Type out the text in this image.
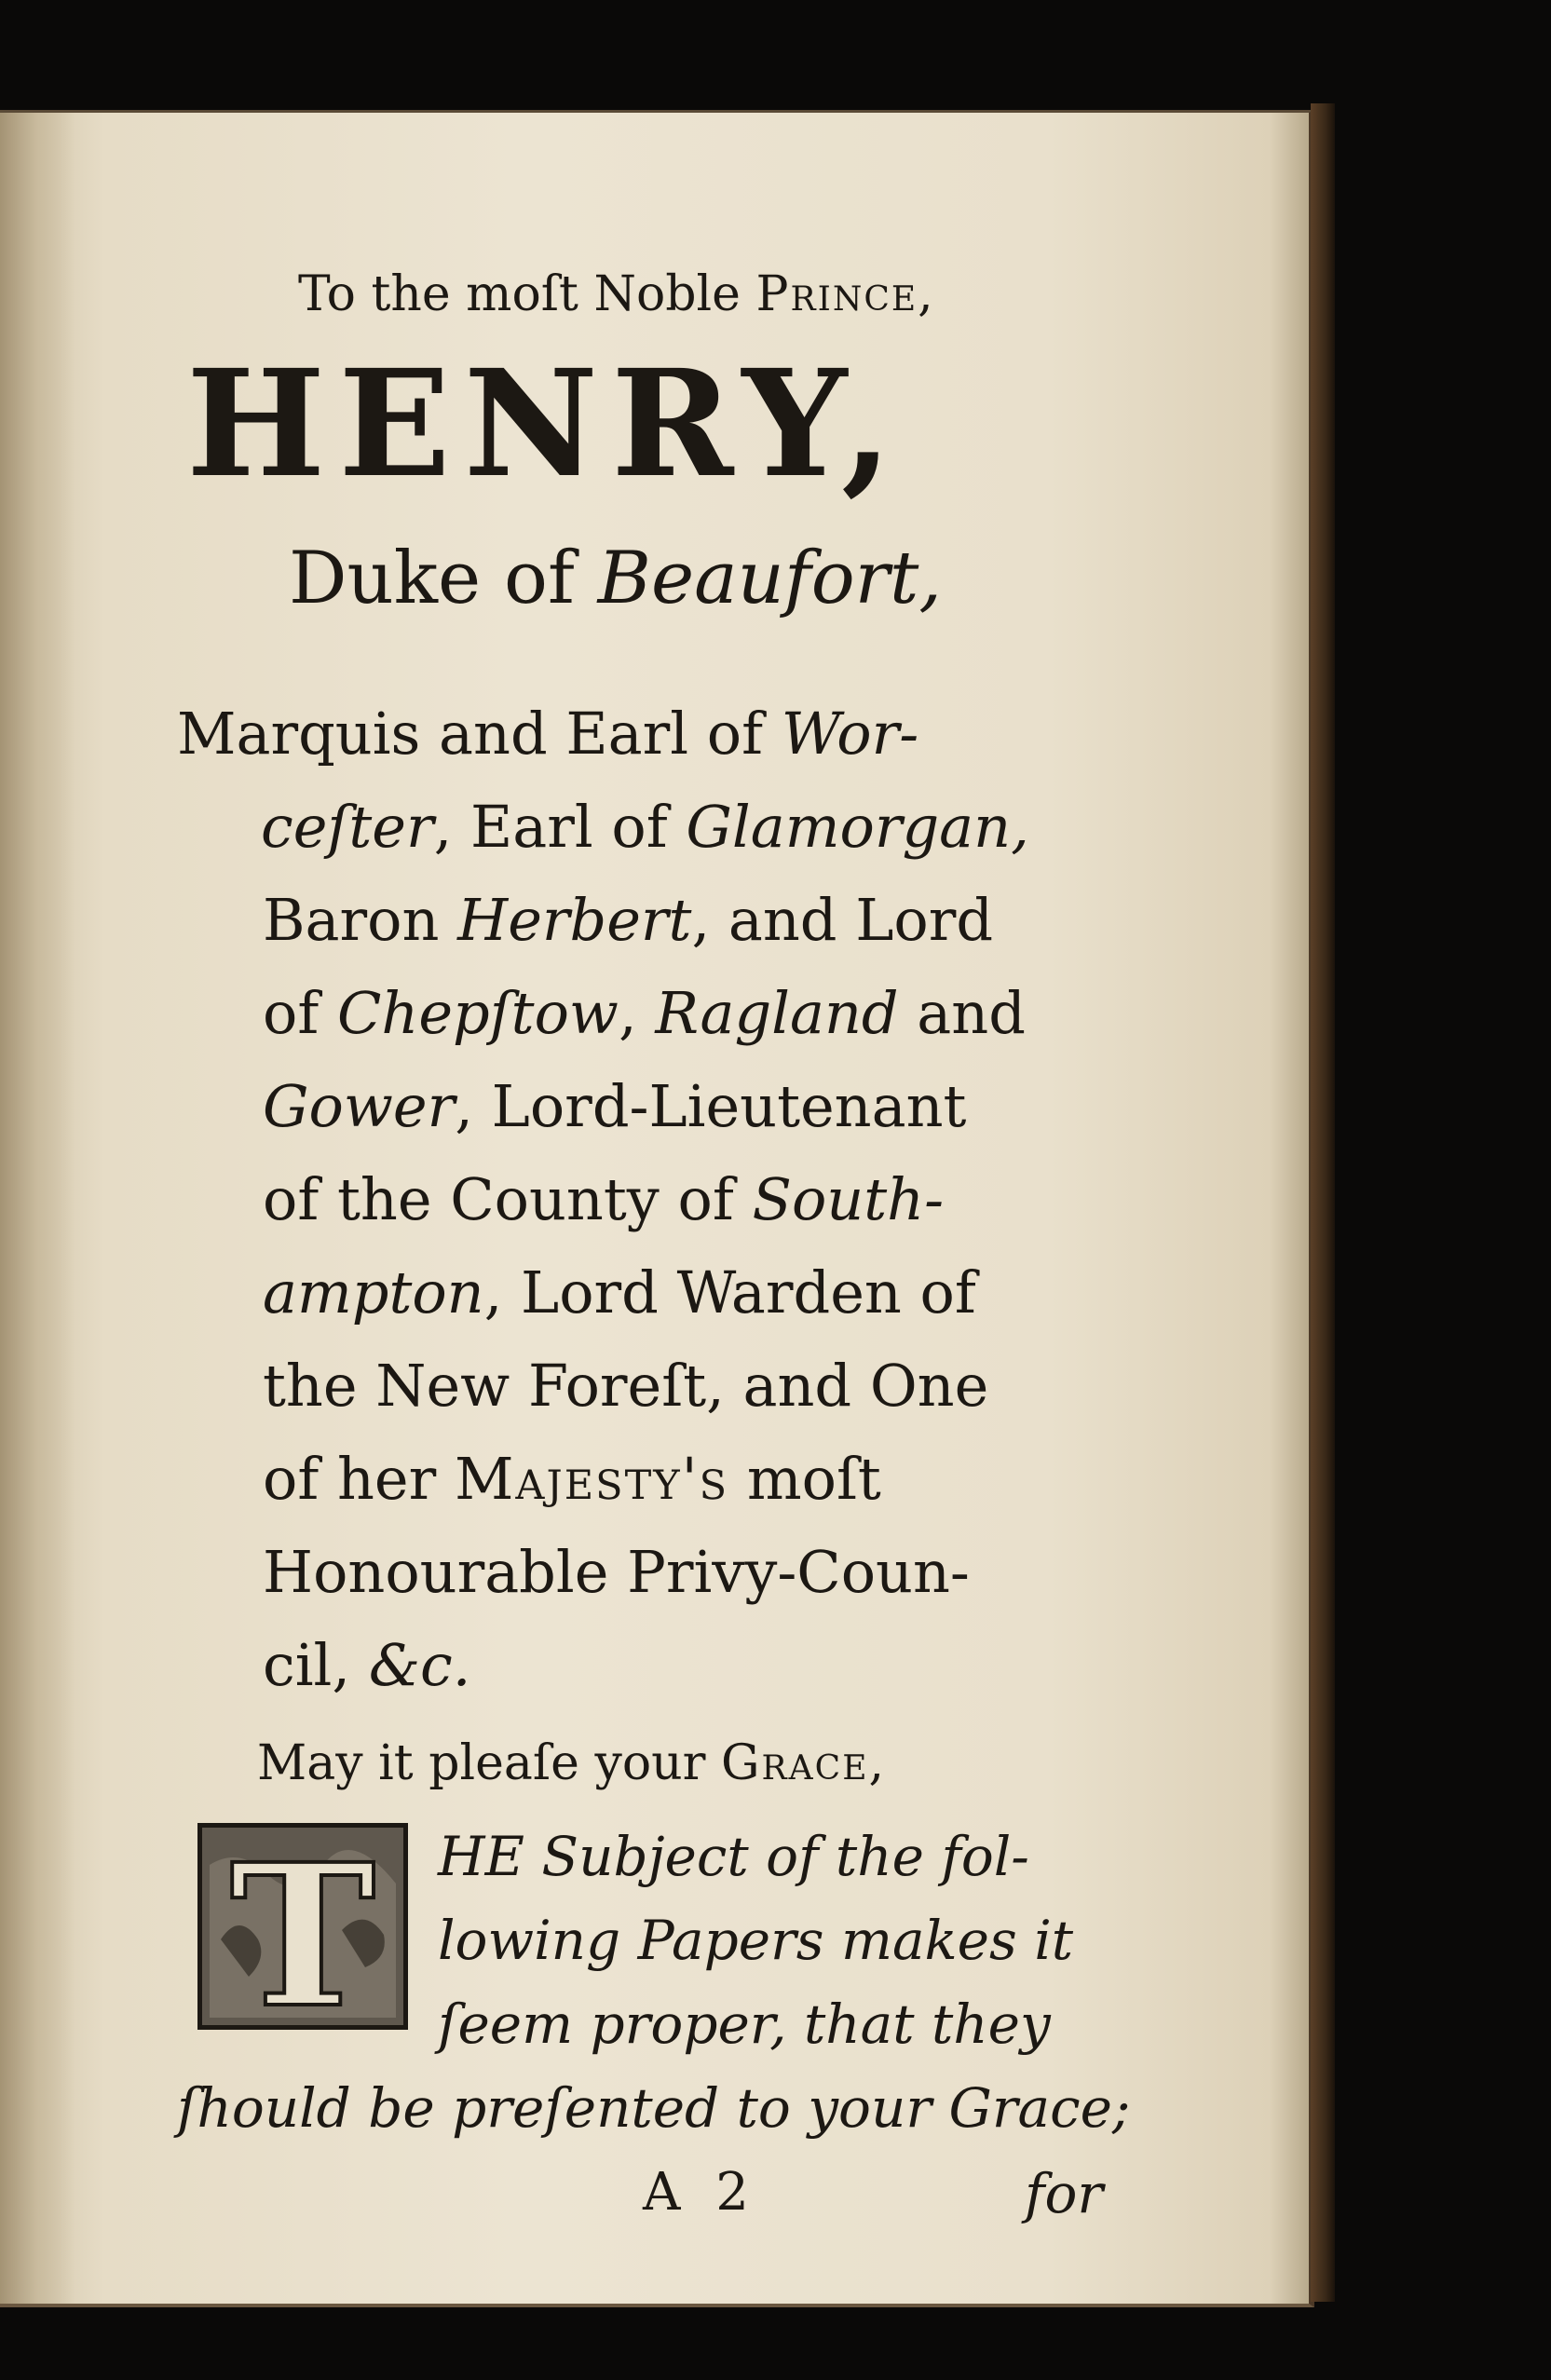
To the moſt Noble Prince,
HENRY,
Duke of Beaufort,
Marquis and Earl of Wor-
ceſter, Earl of Glamorgan,
Baron Herbert, and Lord
of Chepſtow, Ragland and
Gower, Lord-Lieutenant
of the County of South-
ampton, Lord Warden of
the New Foreſt, and One
of her Majesty's moſt
Honourable Privy-Coun-
cil, &c.
May it pleaſe your Grace,
T HE Subject of the fol-
lowing Papers makes it
ſeem proper, that they
ſhould be preſented to your Grace;
A 2	for
